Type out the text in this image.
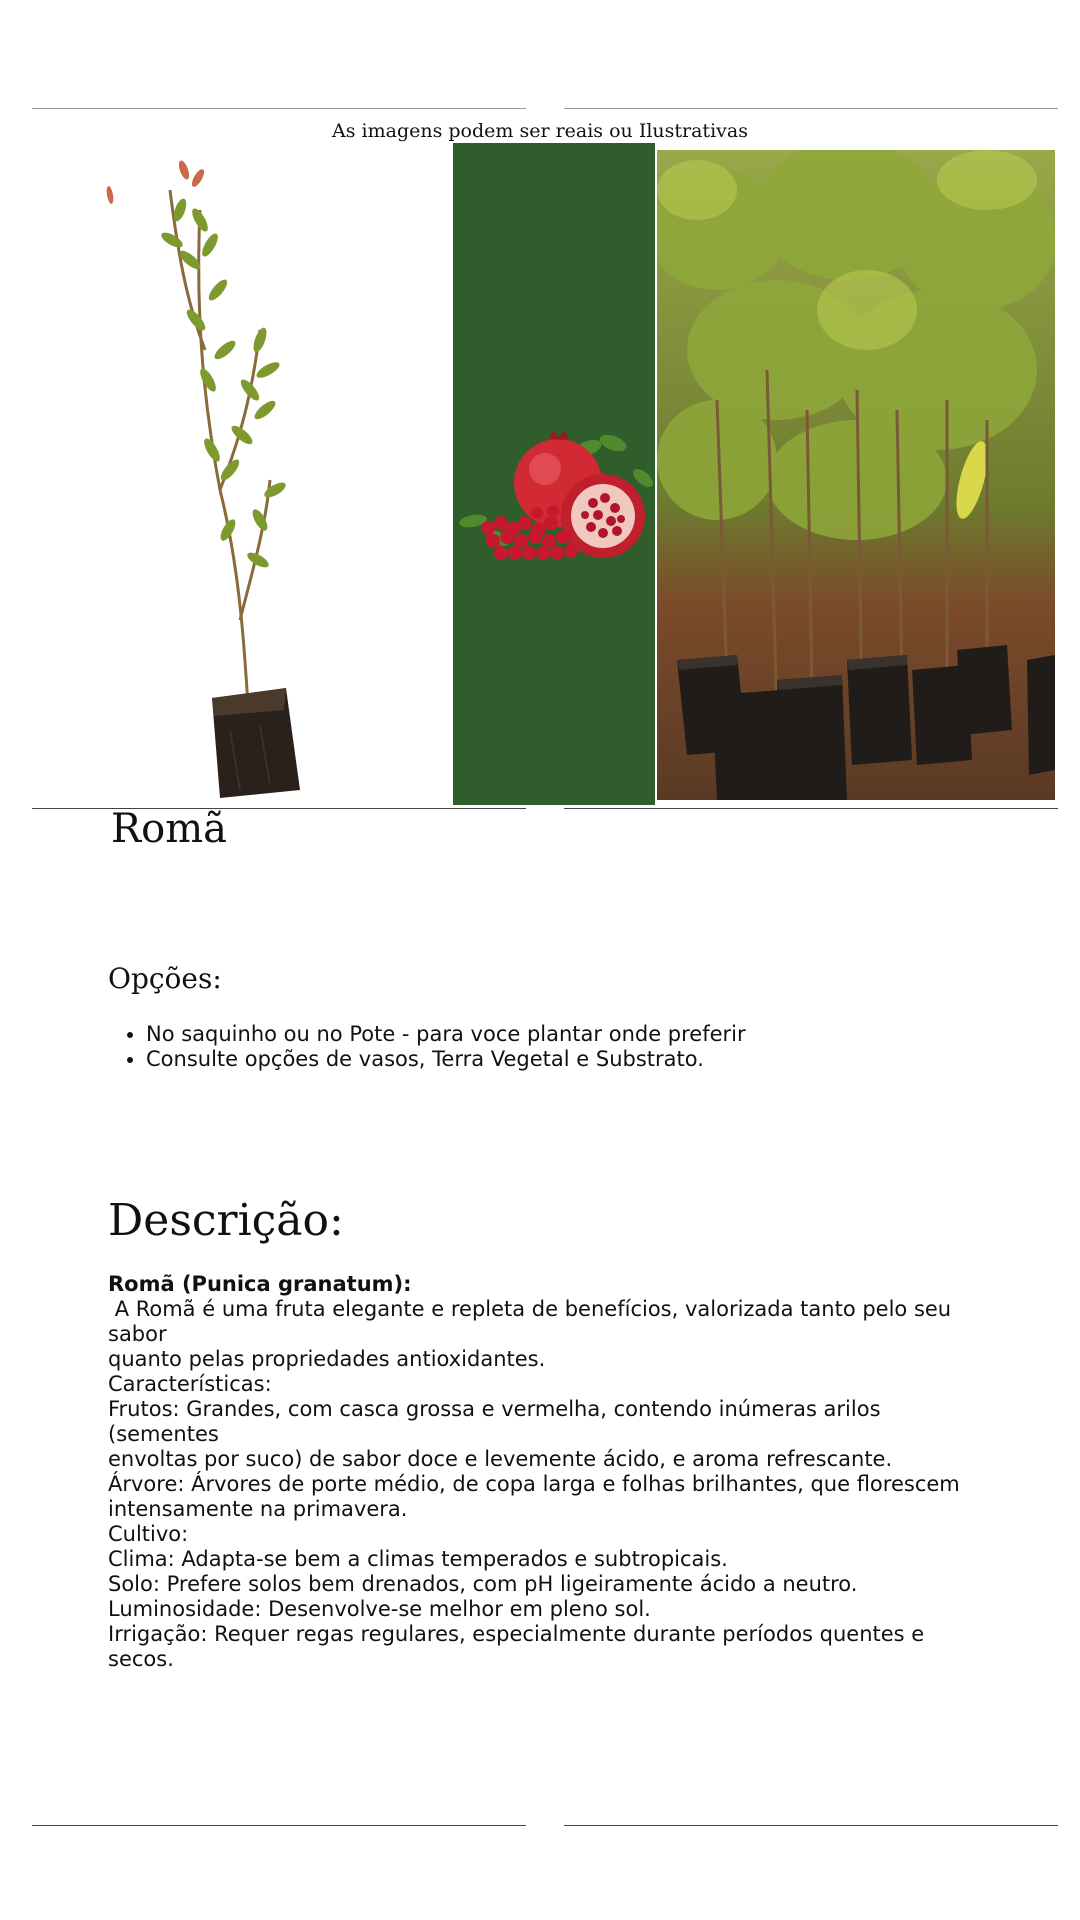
As imagens podem ser reais ou Ilustrativas
Romã
Opções:
• No saquinho ou no Pote - para voce plantar onde preferir
• Consulte opções de vasos, Terra Vegetal e Substrato.
Descrição:
Romã (Punica granatum):
A Romã é uma fruta elegante e repleta de benefícios, valorizada tanto pelo seu sabor
quanto pelas propriedades antioxidantes.
Características:
Frutos: Grandes, com casca grossa e vermelha, contendo inúmeras arilos (sementes
envoltas por suco) de sabor doce e levemente ácido, e aroma refrescante.
Árvore: Árvores de porte médio, de copa larga e folhas brilhantes, que florescem
intensamente na primavera.
Cultivo:
Clima: Adapta-se bem a climas temperados e subtropicais.
Solo: Prefere solos bem drenados, com pH ligeiramente ácido a neutro.
Luminosidade: Desenvolve-se melhor em pleno sol.
Irrigação: Requer regas regulares, especialmente durante períodos quentes e secos.
